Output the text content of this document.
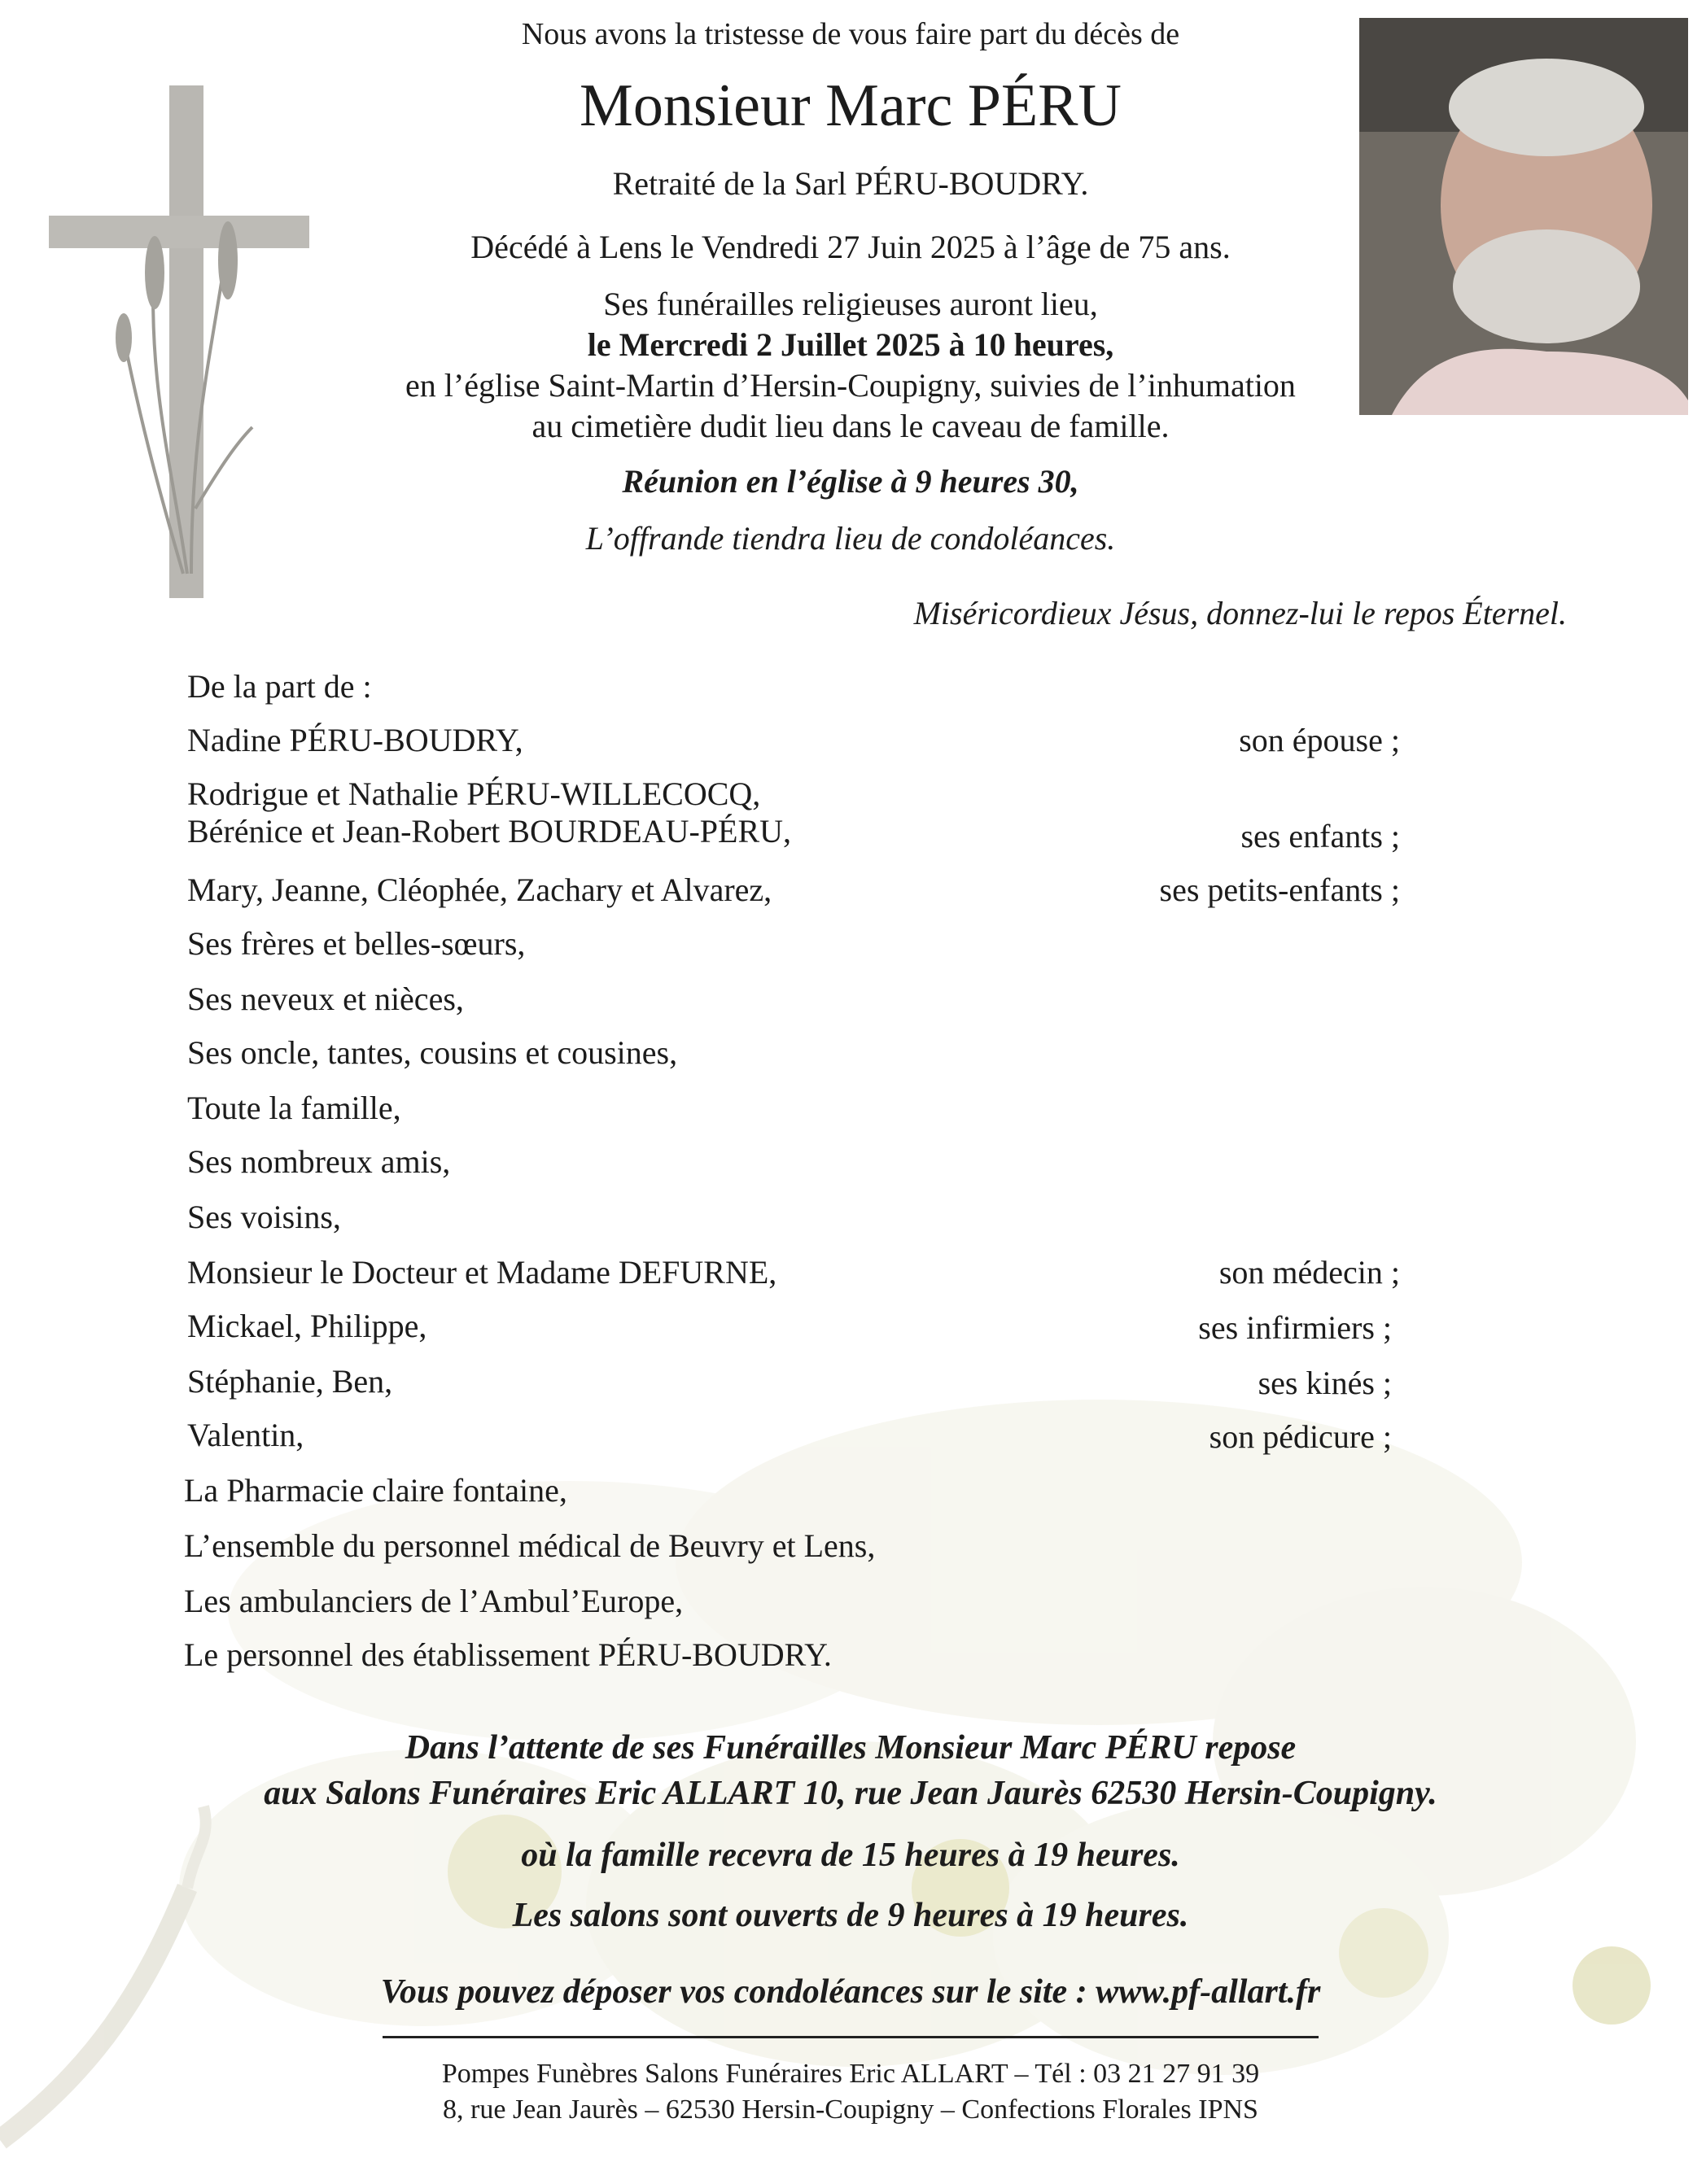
Nous avons la tristesse de vous faire part du décès de
Monsieur Marc PÉRU
Retraité de la Sarl PÉRU-BOUDRY.
Décédé à Lens le Vendredi 27 Juin 2025 à l’âge de 75 ans.
Ses funérailles religieuses auront lieu,
le Mercredi 2 Juillet 2025 à 10 heures,
en l’église Saint-Martin d’Hersin-Coupigny, suivies de l’inhumation
au cimetière dudit lieu dans le caveau de famille.
Réunion en l’église à 9 heures 30,
L’offrande tiendra lieu de condoléances.
Miséricordieux Jésus, donnez-lui le repos Éternel.
De la part de :
Nadine PÉRU-BOUDRY,	son épouse ;
Rodrigue et Nathalie PÉRU-WILLECOCQ,
Bérénice et Jean-Robert BOURDEAU-PÉRU,	ses enfants ;
Mary, Jeanne, Cléophée, Zachary et Alvarez,	ses petits-enfants ;
Ses frères et belles-sœurs,
Ses neveux et nièces,
Ses oncle, tantes, cousins et cousines,
Toute la famille,
Ses nombreux amis,
Ses voisins,
Monsieur le Docteur et Madame DEFURNE,	son médecin ;
Mickael, Philippe,	ses infirmiers ;
Stéphanie, Ben,	ses kinés ;
Valentin,	son pédicure ;
La Pharmacie claire fontaine,
L’ensemble du personnel médical de Beuvry et Lens,
Les ambulanciers de l’Ambul’Europe,
Le personnel des établissement PÉRU-BOUDRY.
Dans l’attente de ses Funérailles Monsieur Marc PÉRU repose
aux Salons Funéraires Eric ALLART 10, rue Jean Jaurès 62530 Hersin-Coupigny.
où la famille recevra de 15 heures à 19 heures.
Les salons sont ouverts de 9 heures à 19 heures.
Vous pouvez déposer vos condoléances sur le site : www.pf-allart.fr
Pompes Funèbres Salons Funéraires Eric ALLART – Tél : 03 21 27 91 39
8, rue Jean Jaurès – 62530 Hersin-Coupigny – Confections Florales IPNS
